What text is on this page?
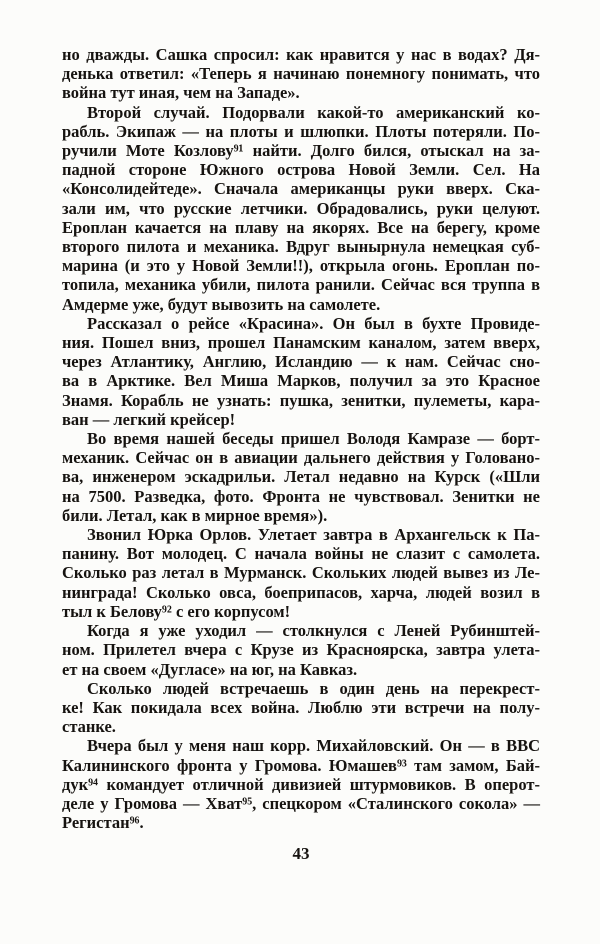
но дважды. Сашка спросил: как нравится у нас в водах? Дя-
денька ответил: «Теперь я начинаю понемногу понимать, что
война тут иная, чем на Западе».
Второй случай. Подорвали какой-то американский ко-
рабль. Экипаж — на плоты и шлюпки. Плоты потеряли. По-
ручили Моте Козлову⁹¹ найти. Долго бился, отыскал на за-
падной стороне Южного острова Новой Земли. Сел. На
«Консолидейтеде». Сначала американцы руки вверх. Ска-
зали им, что русские летчики. Обрадовались, руки целуют.
Ероплан качается на плаву на якорях. Все на берегу, кроме
второго пилота и механика. Вдруг вынырнула немецкая суб-
марина (и это у Новой Земли!!), открыла огонь. Ероплан по-
топила, механика убили, пилота ранили. Сейчас вся труппа в
Амдерме уже, будут вывозить на самолете.
Рассказал о рейсе «Красина». Он был в бухте Провиде-
ния. Пошел вниз, прошел Панамским каналом, затем вверх,
через Атлантику, Англию, Исландию — к нам. Сейчас сно-
ва в Арктике. Вел Миша Марков, получил за это Красное
Знамя. Корабль не узнать: пушка, зенитки, пулеметы, кара-
ван — легкий крейсер!
Во время нашей беседы пришел Володя Камразе — борт-
механик. Сейчас он в авиации дальнего действия у Головано-
ва, инженером эскадрильи. Летал недавно на Курск («Шли
на 7500. Разведка, фото. Фронта не чувствовал. Зенитки не
били. Летал, как в мирное время»).
Звонил Юрка Орлов. Улетает завтра в Архангельск к Па-
панину. Вот молодец. С начала войны не слазит с самолета.
Сколько раз летал в Мурманск. Скольких людей вывез из Ле-
нинграда! Сколько овса, боеприпасов, харча, людей возил в
тыл к Белову⁹² с его корпусом!
Когда я уже уходил — столкнулся с Леней Рубинштей-
ном. Прилетел вчера с Крузе из Красноярска, завтра улета-
ет на своем «Дугласе» на юг, на Кавказ.
Сколько людей встречаешь в один день на перекрест-
ке! Как покидала всех война. Люблю эти встречи на полу-
станке.
Вчера был у меня наш корр. Михайловский. Он — в ВВС
Калининского фронта у Громова. Юмашев⁹³ там замом, Бай-
дук⁹⁴ командует отличной дивизией штурмовиков. В оперот-
деле у Громова — Хват⁹⁵, спецкором «Сталинского сокола» —
Регистан⁹⁶.
43
